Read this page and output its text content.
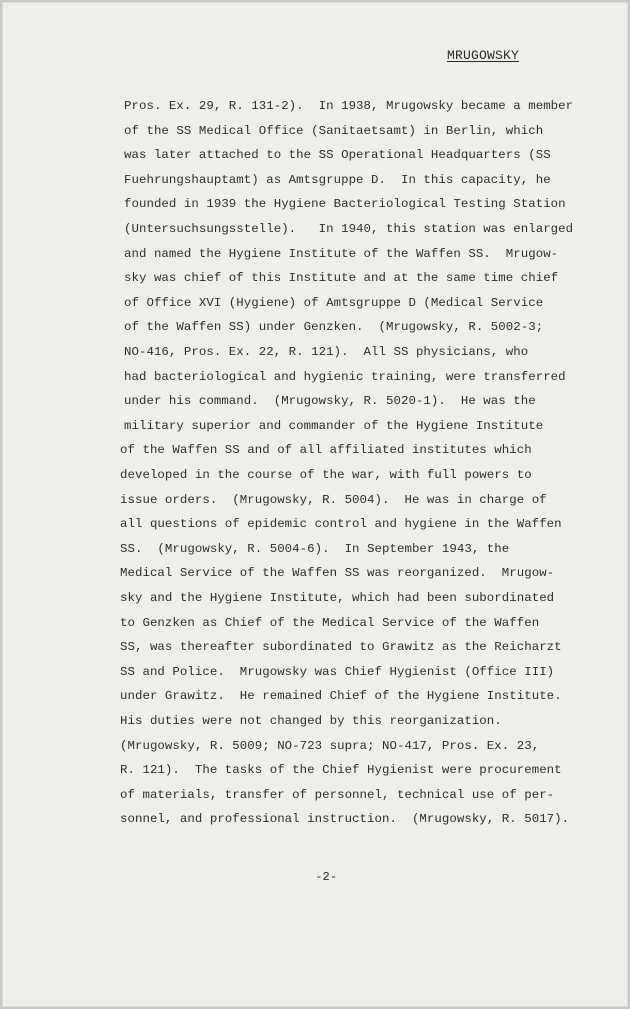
MRUGOWSKY

Pros. Ex. 29, R. 131-2).  In 1938, Mrugowsky became a member

of the SS Medical Office (Sanitaetsamt) in Berlin, which

was later attached to the SS Operational Headquarters (SS

Fuehrungshauptamt) as Amtsgruppe D.  In this capacity, he

founded in 1939 the Hygiene Bacteriological Testing Station

(Untersuchsungsstelle).   In 1940, this station was enlarged

and named the Hygiene Institute of the Waffen SS.  Mrugow-

sky was chief of this Institute and at the same time chief

of Office XVI (Hygiene) of Amtsgruppe D (Medical Service

of the Waffen SS) under Genzken.  (Mrugowsky, R. 5002-3;

NO-416, Pros. Ex. 22, R. 121).  All SS physicians, who

had bacteriological and hygienic training, were transferred

under his command.  (Mrugowsky, R. 5020-1).  He was the

military superior and commander of the Hygiene Institute

of the Waffen SS and of all affiliated institutes which

developed in the course of the war, with full powers to

issue orders.  (Mrugowsky, R. 5004).  He was in charge of

all questions of epidemic control and hygiene in the Waffen

SS.  (Mrugowsky, R. 5004-6).  In September 1943, the

Medical Service of the Waffen SS was reorganized.  Mrugow-

sky and the Hygiene Institute, which had been subordinated

to Genzken as Chief of the Medical Service of the Waffen

SS, was thereafter subordinated to Grawitz as the Reicharzt

SS and Police.  Mrugowsky was Chief Hygienist (Office III)

under Grawitz.  He remained Chief of the Hygiene Institute.

His duties were not changed by this reorganization.

(Mrugowsky, R. 5009; NO-723 supra; NO-417, Pros. Ex. 23,

R. 121).  The tasks of the Chief Hygienist were procurement

of materials, transfer of personnel, technical use of per-

sonnel, and professional instruction.  (Mrugowsky, R. 5017).

-2-
